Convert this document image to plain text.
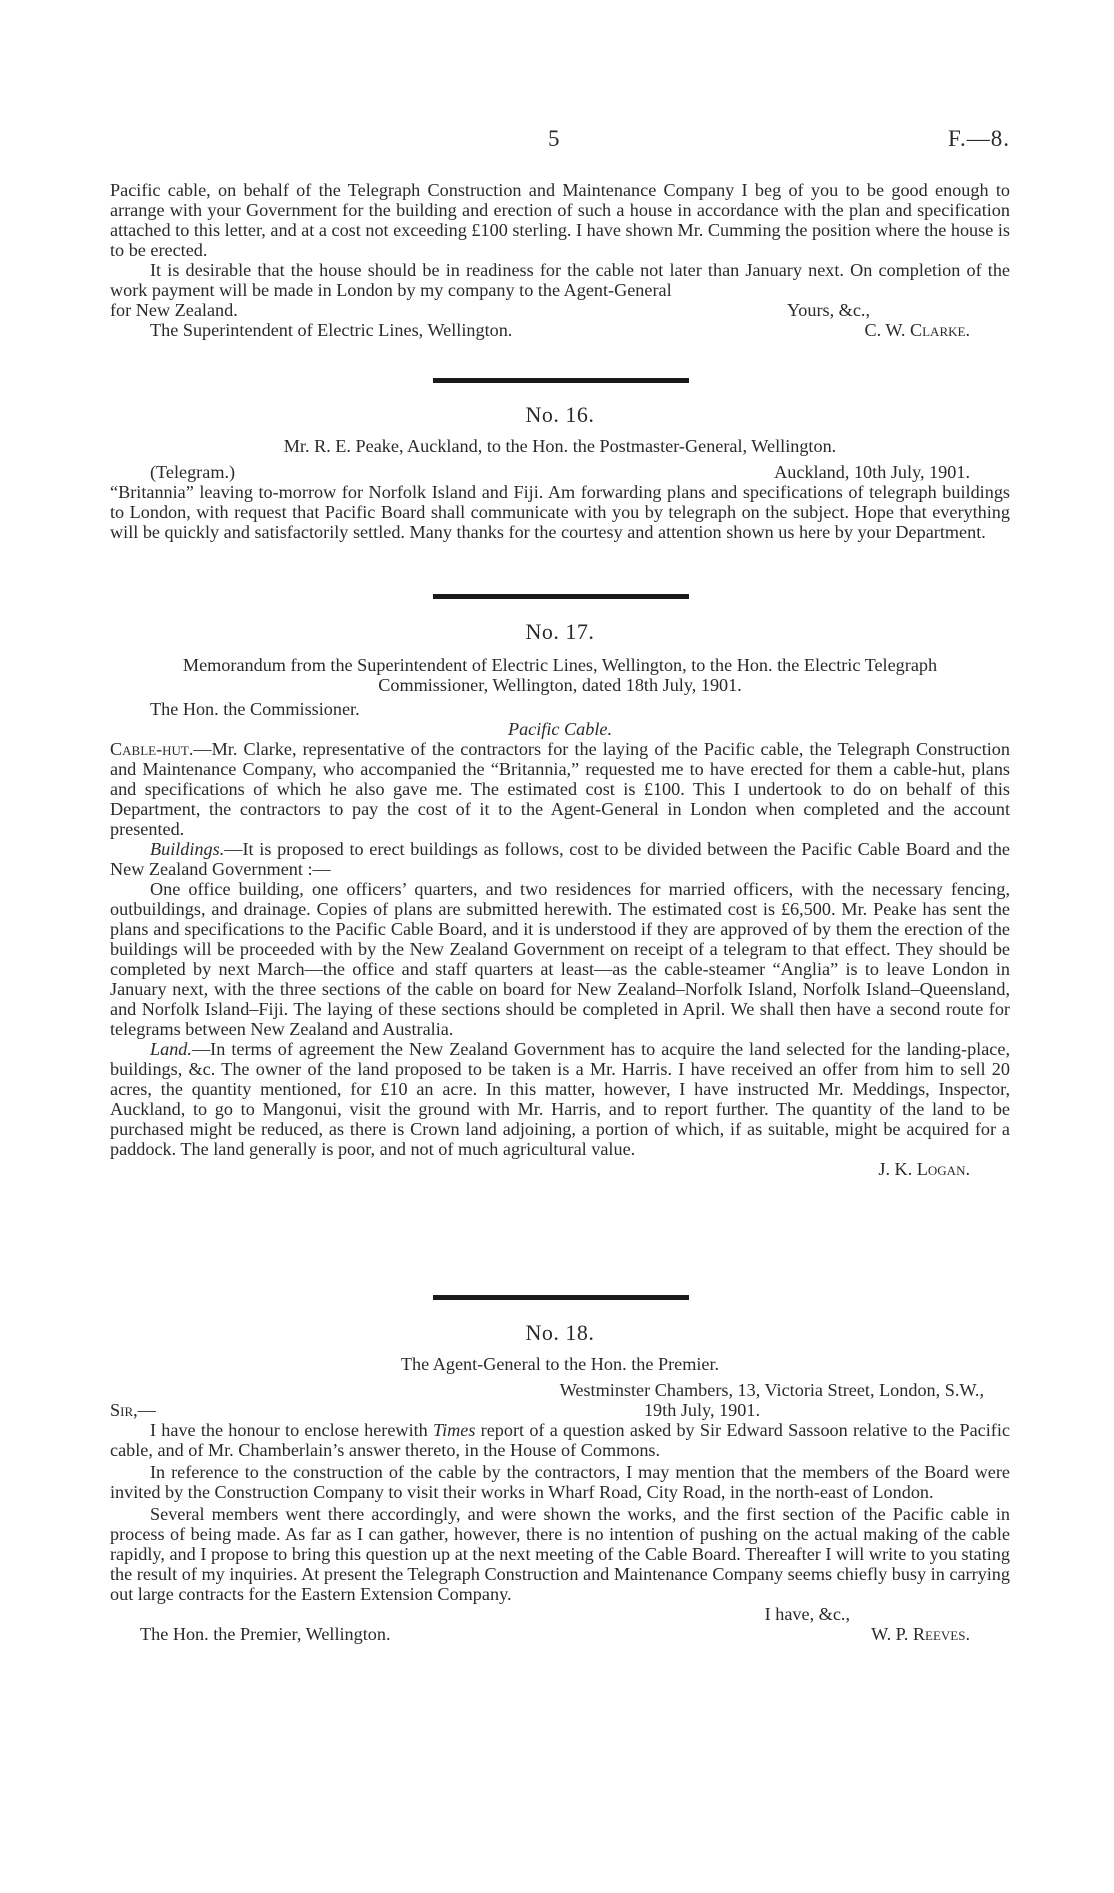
5	F.—8.

Pacific cable, on behalf of the Telegraph Construction and Maintenance Company I beg of you to be good enough to arrange with your Government for the building and erection of such a house in accordance with the plan and specification attached to this letter, and at a cost not exceeding £100 sterling. I have shown Mr. Cumming the position where the house is to be erected.

It is desirable that the house should be in readiness for the cable not later than January next. On completion of the work payment will be made in London by my company to the Agent-General

for New Zealand.	Yours, &c.,
The Superintendent of Electric Lines, Wellington.	C. W. Clarke.
No. 16.
Mr. R. E. Peake, Auckland, to the Hon. the Postmaster-General, Wellington.
(Telegram.)	Auckland, 10th July, 1901.

“Britannia” leaving to-morrow for Norfolk Island and Fiji. Am forwarding plans and specifications of telegraph buildings to London, with request that Pacific Board shall communicate with you by telegraph on the subject. Hope that everything will be quickly and satisfactorily settled. Many thanks for the courtesy and attention shown us here by your Department.

No. 17.

Memorandum from the Superintendent of Electric Lines, Wellington, to the Hon. the Electric Telegraph Commissioner, Wellington, dated 18th July, 1901.

The Hon. the Commissioner.

Pacific Cable.

Cable-hut.—Mr. Clarke, representative of the contractors for the laying of the Pacific cable, the Telegraph Construction and Maintenance Company, who accompanied the “Britannia,” requested me to have erected for them a cable-hut, plans and specifications of which he also gave me. The estimated cost is £100. This I undertook to do on behalf of this Department, the contractors to pay the cost of it to the Agent-General in London when completed and the account presented.

Buildings.—It is proposed to erect buildings as follows, cost to be divided between the Pacific Cable Board and the New Zealand Government :—

One office building, one officers’ quarters, and two residences for married officers, with the necessary fencing, outbuildings, and drainage. Copies of plans are submitted herewith. The estimated cost is £6,500. Mr. Peake has sent the plans and specifications to the Pacific Cable Board, and it is understood if they are approved of by them the erection of the buildings will be proceeded with by the New Zealand Government on receipt of a telegram to that effect. They should be completed by next March—the office and staff quarters at least—as the cable-steamer “Anglia” is to leave London in January next, with the three sections of the cable on board for New Zealand–Norfolk Island, Norfolk Island–Queensland, and Norfolk Island–Fiji. The laying of these sections should be completed in April. We shall then have a second route for telegrams between New Zealand and Australia.

Land.—In terms of agreement the New Zealand Government has to acquire the land selected for the landing-place, buildings, &c. The owner of the land proposed to be taken is a Mr. Harris. I have received an offer from him to sell 20 acres, the quantity mentioned, for £10 an acre. In this matter, however, I have instructed Mr. Meddings, Inspector, Auckland, to go to Mangonui, visit the ground with Mr. Harris, and to report further. The quantity of the land to be purchased might be reduced, as there is Crown land adjoining, a portion of which, if as suitable, might be acquired for a paddock. The land generally is poor, and not of much agricultural value.

J. K. Logan.
No. 18.
The Agent-General to the Hon. the Premier.
Westminster Chambers, 13, Victoria Street, London, S.W.,
Sir,—	19th July, 1901.

I have the honour to enclose herewith Times report of a question asked by Sir Edward Sassoon relative to the Pacific cable, and of Mr. Chamberlain’s answer thereto, in the House of Commons.

In reference to the construction of the cable by the contractors, I may mention that the members of the Board were invited by the Construction Company to visit their works in Wharf Road, City Road, in the north-east of London.

Several members went there accordingly, and were shown the works, and the first section of the Pacific cable in process of being made. As far as I can gather, however, there is no intention of pushing on the actual making of the cable rapidly, and I propose to bring this question up at the next meeting of the Cable Board. Thereafter I will write to you stating the result of my inquiries. At present the Telegraph Construction and Maintenance Company seems chiefly busy in carrying out large contracts for the Eastern Extension Company.

I have, &c.,
The Hon. the Premier, Wellington.	W. P. Reeves.
